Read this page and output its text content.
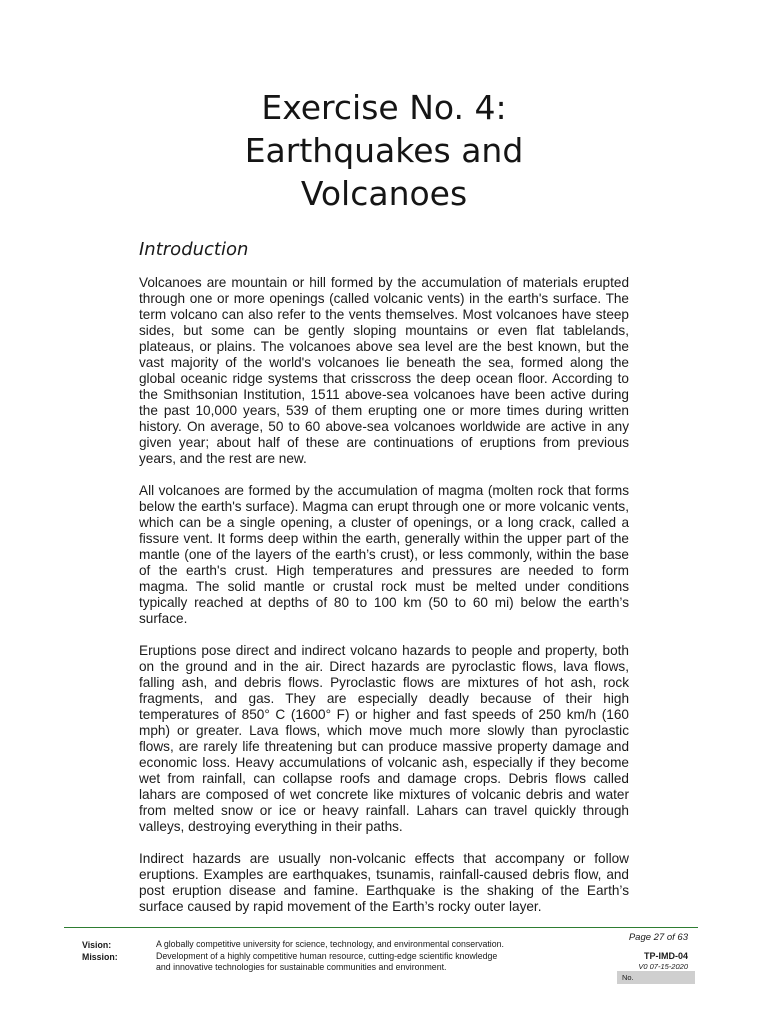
Exercise No. 4:
Earthquakes and
Volcanoes
Introduction

Volcanoes are mountain or hill formed by the accumulation of materials erupted through one or more openings (called volcanic vents) in the earth's surface. The term volcano can also refer to the vents themselves. Most volcanoes have steep sides, but some can be gently sloping mountains or even flat tablelands, plateaus, or plains. The volcanoes above sea level are the best known, but the vast majority of the world's volcanoes lie beneath the sea, formed along the global oceanic ridge systems that crisscross the deep ocean floor. According to the Smithsonian Institution, 1511 above-sea volcanoes have been active during the past 10,000 years, 539 of them erupting one or more times during written history. On average, 50 to 60 above-sea volcanoes worldwide are active in any given year; about half of these are continuations of eruptions from previous years, and the rest are new.

All volcanoes are formed by the accumulation of magma (molten rock that forms below the earth's surface). Magma can erupt through one or more volcanic vents, which can be a single opening, a cluster of openings, or a long crack, called a fissure vent. It forms deep within the earth, generally within the upper part of the mantle (one of the layers of the earth’s crust), or less commonly, within the base of the earth's crust. High temperatures and pressures are needed to form magma. The solid mantle or crustal rock must be melted under conditions typically reached at depths of 80 to 100 km (50 to 60 mi) below the earth’s surface.

Eruptions pose direct and indirect volcano hazards to people and property, both on the ground and in the air. Direct hazards are pyroclastic flows, lava flows, falling ash, and debris flows. Pyroclastic flows are mixtures of hot ash, rock fragments, and gas. They are especially deadly because of their high temperatures of 850° C (1600° F) or higher and fast speeds of 250 km/h (160 mph) or greater. Lava flows, which move much more slowly than pyroclastic flows, are rarely life threatening but can produce massive property damage and economic loss. Heavy accumulations of volcanic ash, especially if they become wet from rainfall, can collapse roofs and damage crops. Debris flows called lahars are composed of wet concrete like mixtures of volcanic debris and water from melted snow or ice or heavy rainfall. Lahars can travel quickly through valleys, destroying everything in their paths.

Indirect hazards are usually non-volcanic effects that accompany or follow eruptions. Examples are earthquakes, tsunamis, rainfall-caused debris flow, and post eruption disease and famine. Earthquake is the shaking of the Earth’s surface caused by rapid movement of the Earth’s rocky outer layer.

Vision:
Mission:
A globally competitive university for science, technology, and environmental conservation.
Development of a highly competitive human resource, cutting-edge scientific knowledge
and innovative technologies for sustainable communities and environment.
Page 27 of 63
TP-IMD-04
V0 07-15-2020
No.
